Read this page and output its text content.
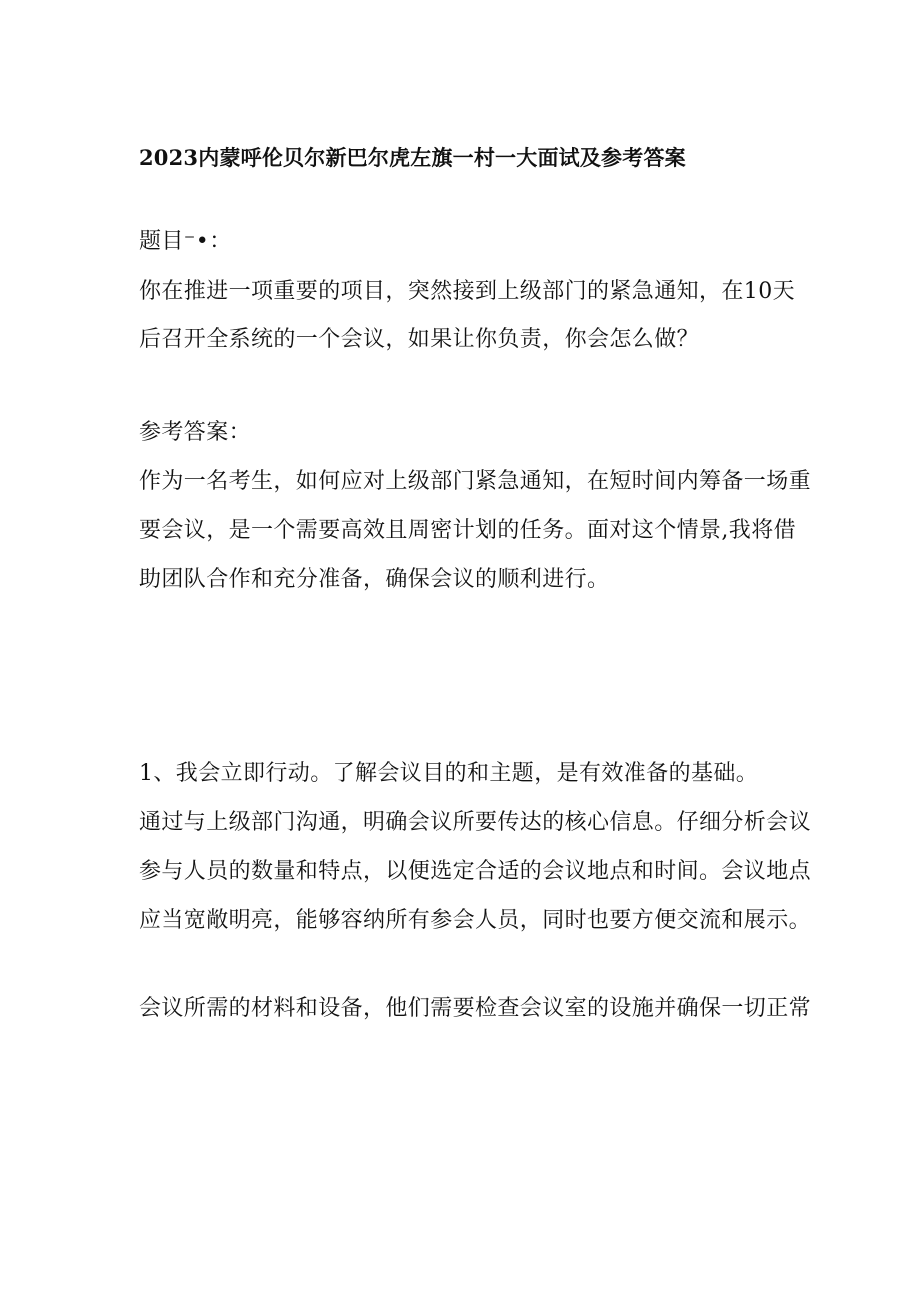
2023内蒙呼伦贝尔新巴尔虎左旗一村一大面试及参考答案
题目⁻•：
你在推进一项重要的项目，突然接到上级部门的紧急通知，在10天
后召开全系统的一个会议，如果让你负责，你会怎么做？
参考答案：
作为一名考生，如何应对上级部门紧急通知，在短时间内筹备一场重
要会议，是一个需要高效且周密计划的任务。面对这个情景,我将借
助团队合作和充分准备，确保会议的顺利进行。
1、我会立即行动。了解会议目的和主题，是有效准备的基础。
通过与上级部门沟通，明确会议所要传达的核心信息。仔细分析会议
参与人员的数量和特点，以便选定合适的会议地点和时间。会议地点
应当宽敞明亮，能够容纳所有参会人员，同时也要方便交流和展示。
会议所需的材料和设备，他们需要检查会议室的设施并确保一切正常
